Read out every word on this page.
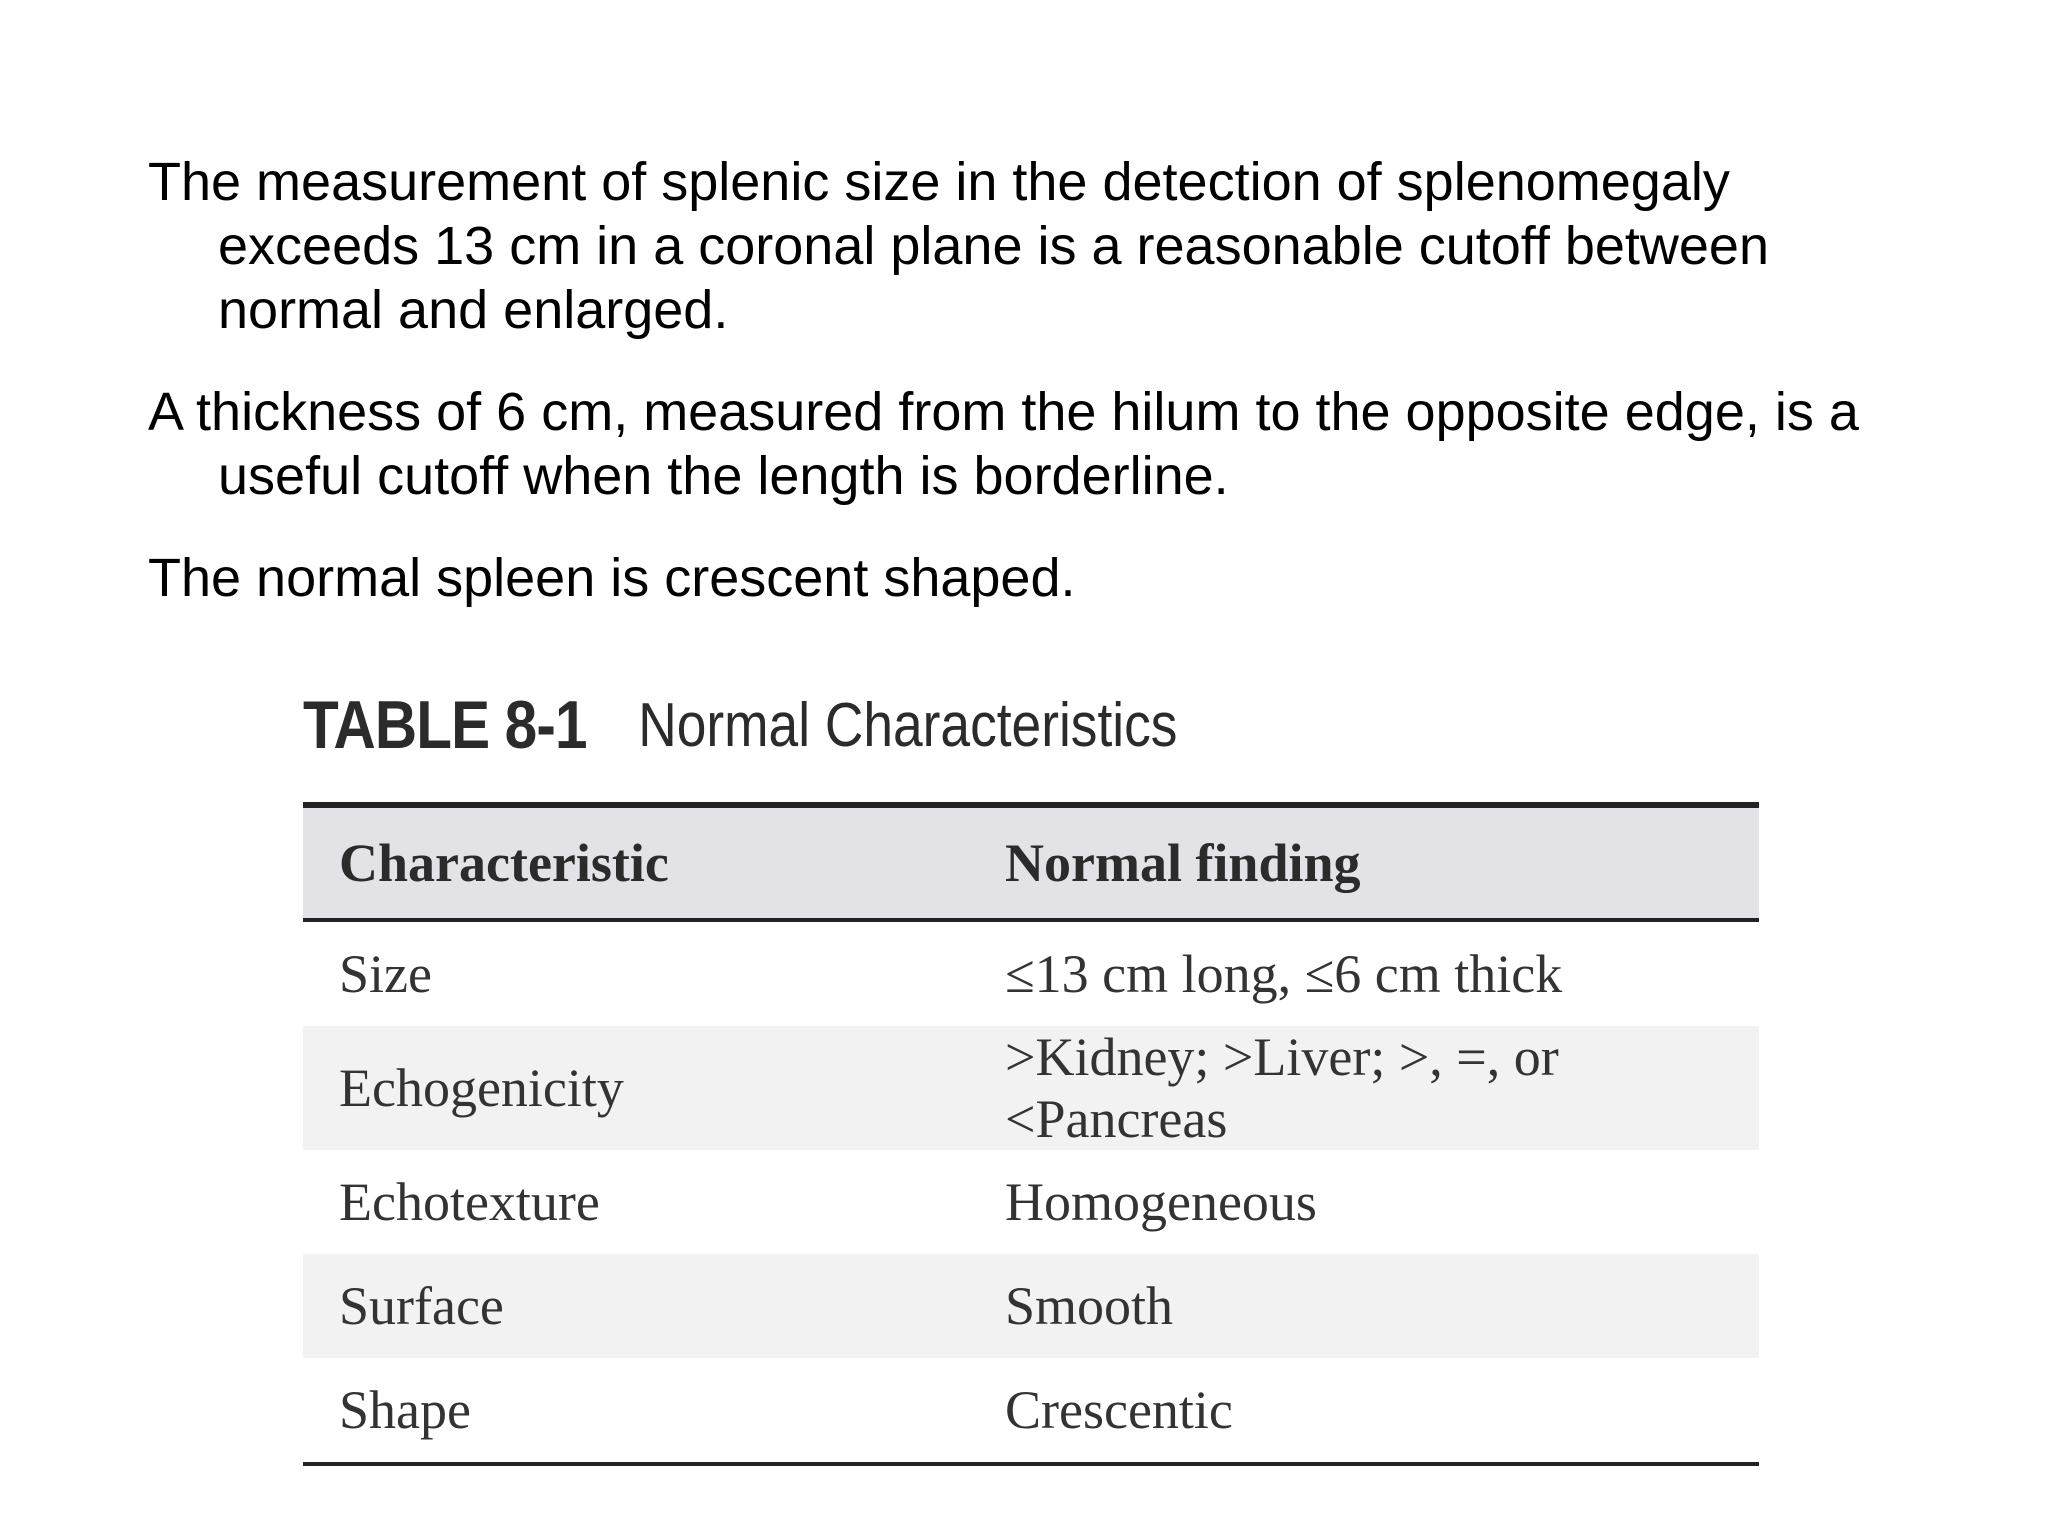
The measurement of splenic size in the detection of splenomegaly exceeds 13 cm in a coronal plane is a reasonable cutoff between normal and enlarged.

A thickness of 6 cm, measured from the hilum to the opposite edge, is a useful cutoff when the length is borderline.

The normal spleen is crescent shaped.

TABLE 8-1 Normal Characteristics
Characteristic	Normal finding
Size	≤13 cm long, ≤6 cm thick
Echogenicity	>Kidney; >Liver; >, =, or <Pancreas
Echotexture	Homogeneous
Surface	Smooth
Shape	Crescentic
